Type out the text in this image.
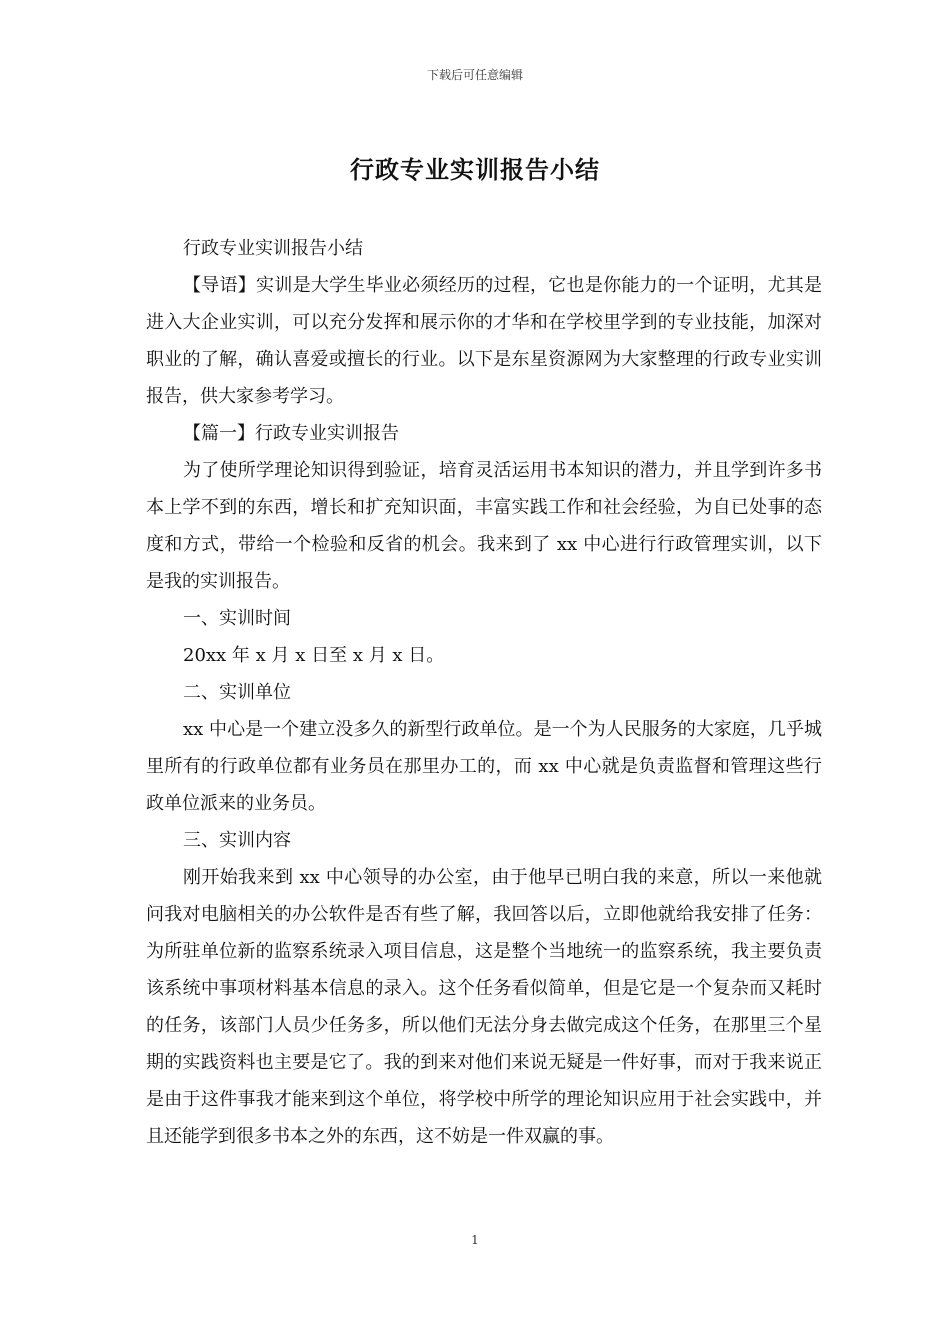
下载后可任意编辑
行政专业实训报告小结

行政专业实训报告小结

【导语】实训是大学生毕业必须经历的过程，它也是你能力的一个证明，尤其是进入大企业实训，可以充分发挥和展示你的才华和在学校里学到的专业技能，加深对职业的了解，确认喜爱或擅长的行业。以下是东星资源网为大家整理的行政专业实训报告，供大家参考学习。

【篇一】行政专业实训报告

为了使所学理论知识得到验证，培育灵活运用书本知识的潜力，并且学到许多书本上学不到的东西，增长和扩充知识面，丰富实践工作和社会经验，为自已处事的态度和方式，带给一个检验和反省的机会。我来到了 xx 中心进行行政管理实训，以下是我的实训报告。

一、实训时间

20xx 年 x 月 x 日至 x 月 x 日。

二、实训单位

xx 中心是一个建立没多久的新型行政单位。是一个为人民服务的大家庭，几乎城里所有的行政单位都有业务员在那里办工的，而 xx 中心就是负责监督和管理这些行政单位派来的业务员。

三、实训内容

刚开始我来到 xx 中心领导的办公室，由于他早已明白我的来意，所以一来他就问我对电脑相关的办公软件是否有些了解，我回答以后，立即他就给我安排了任务：为所驻单位新的监察系统录入项目信息，这是整个当地统一的监察系统，我主要负责该系统中事项材料基本信息的录入。这个任务看似简单，但是它是一个复杂而又耗时的任务，该部门人员少任务多，所以他们无法分身去做完成这个任务，在那里三个星期的实践资料也主要是它了。我的到来对他们来说无疑是一件好事，而对于我来说正是由于这件事我才能来到这个单位，将学校中所学的理论知识应用于社会实践中，并且还能学到很多书本之外的东西，这不妨是一件双赢的事。

1
